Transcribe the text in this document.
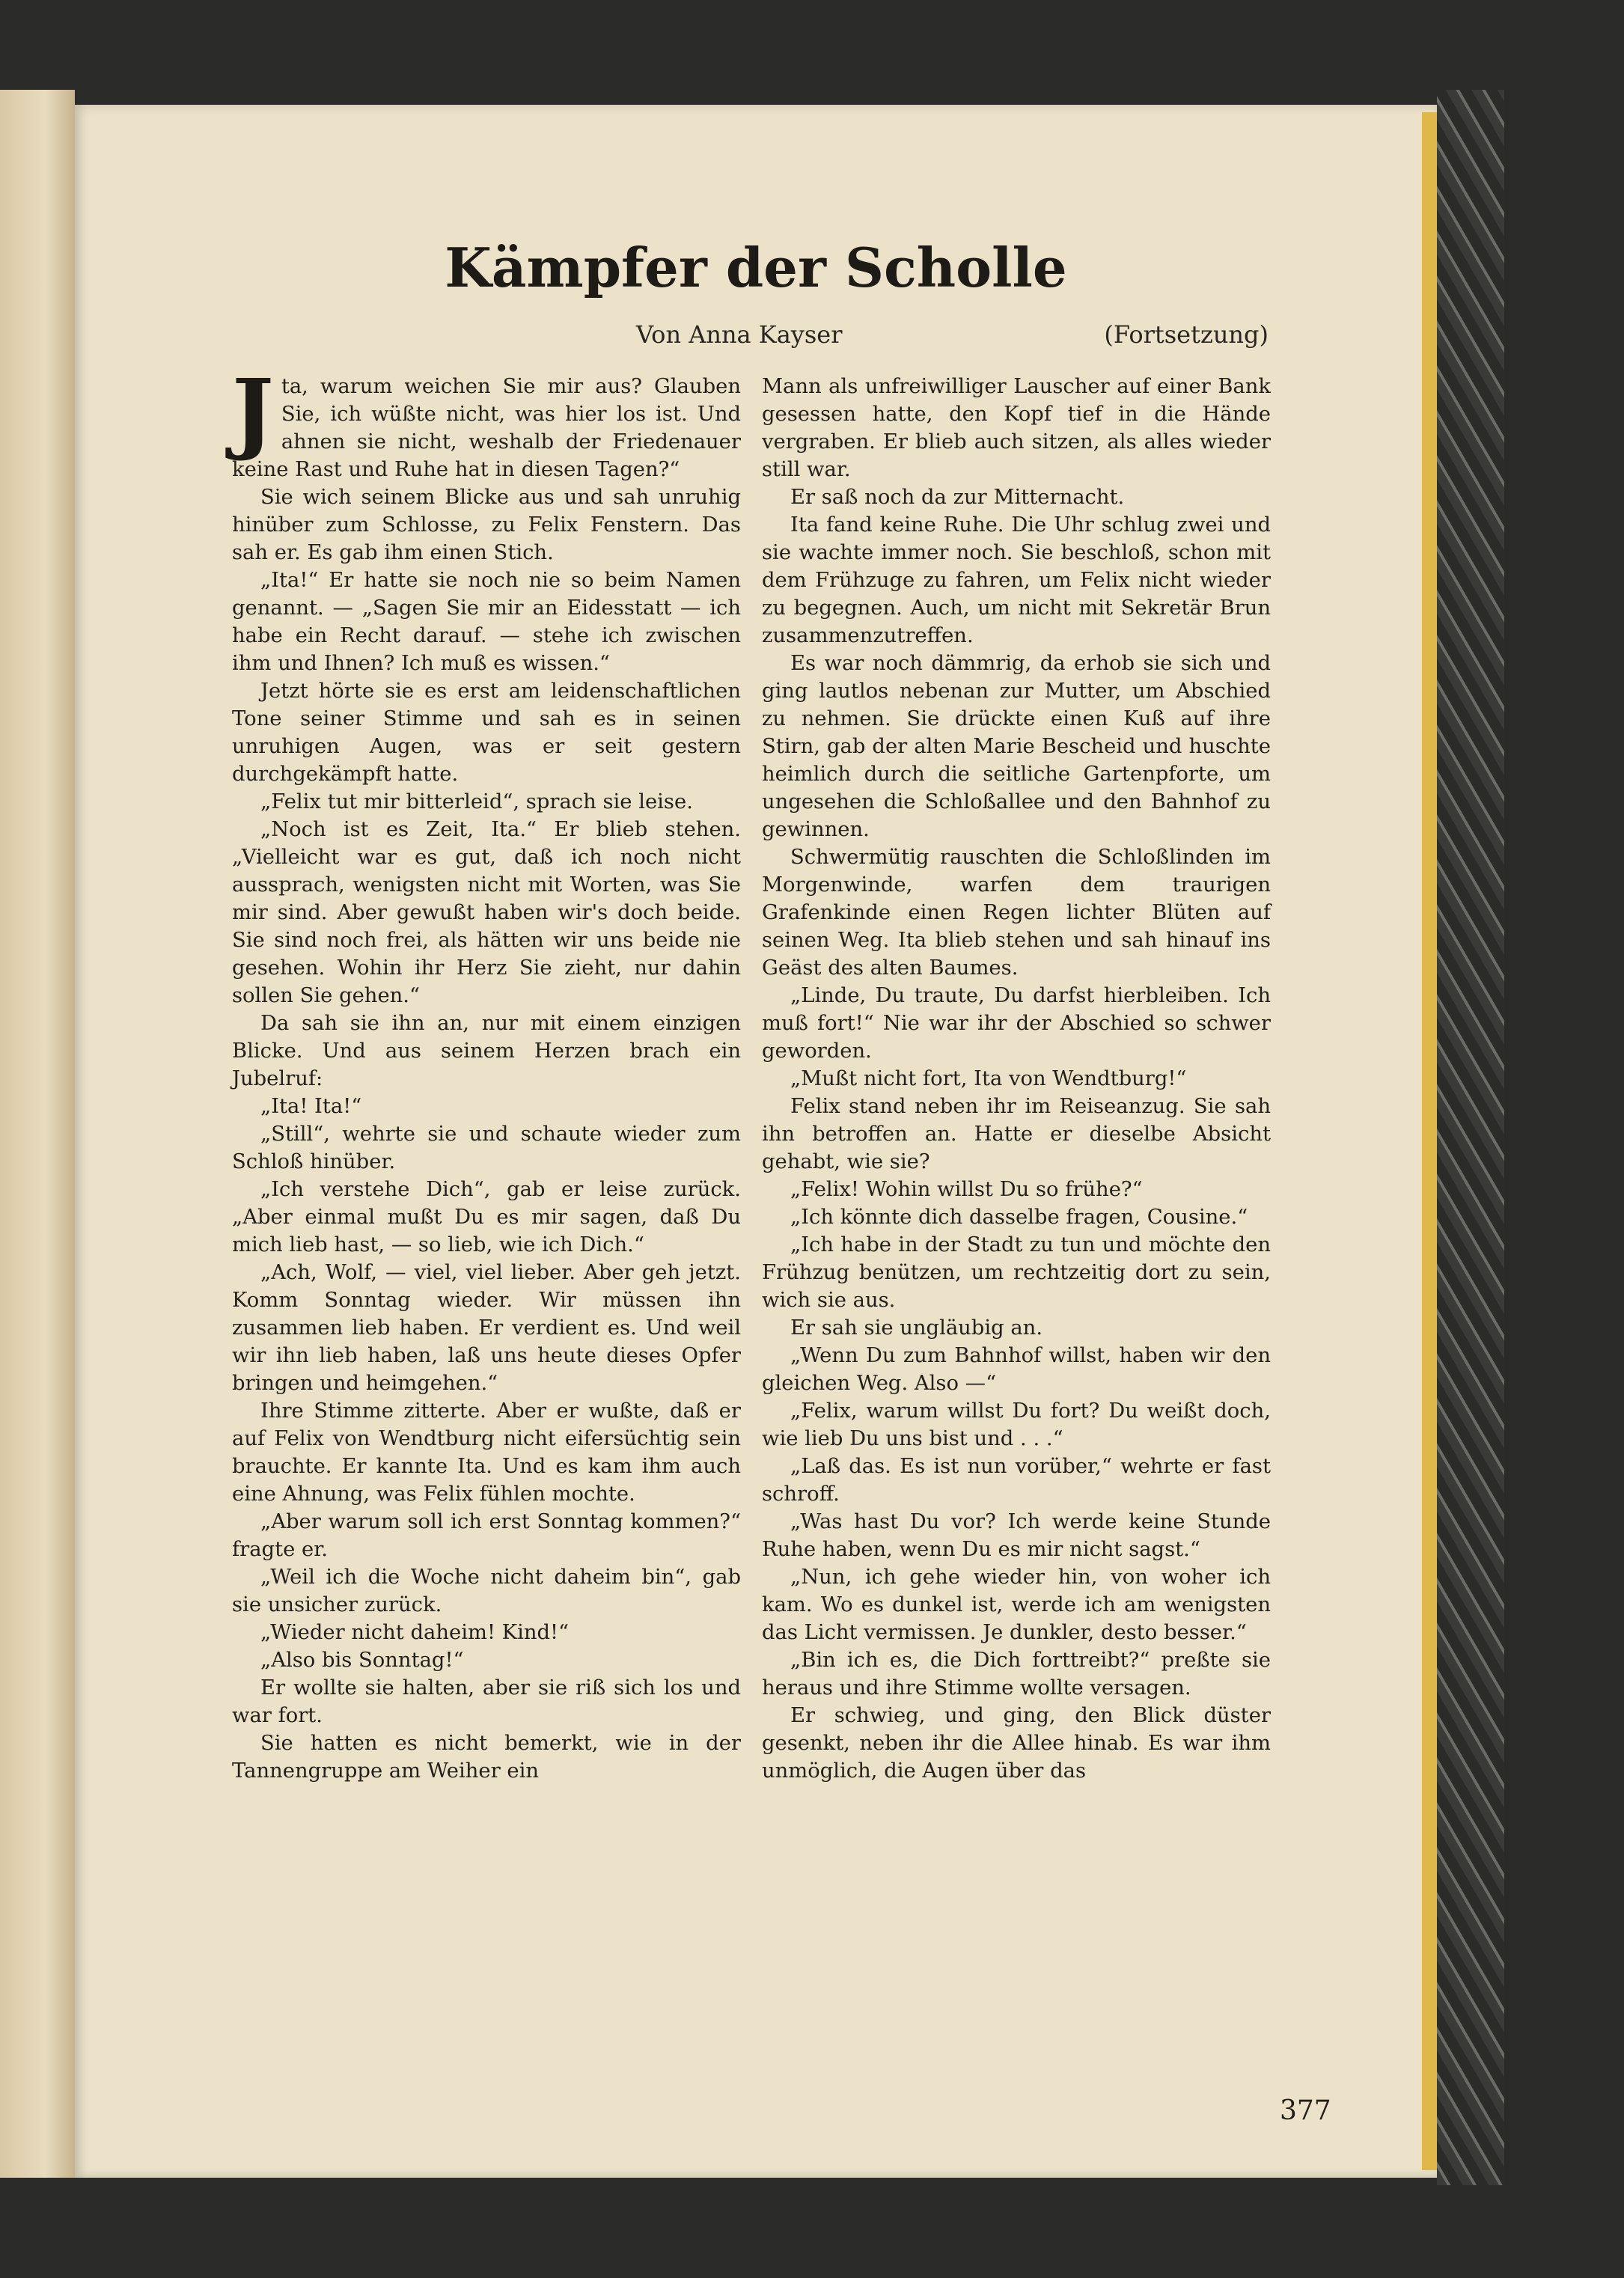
Kämpfer der Scholle
Von Anna Kayser	(Fortsetzung)

Jta, warum weichen Sie mir aus? Glauben Sie, ich wüßte nicht, was hier los ist. Und ahnen sie nicht, weshalb der Friedenauer keine Rast und Ruhe hat in diesen Tagen?“

Sie wich seinem Blicke aus und sah unruhig hinüber zum Schlosse, zu Felix Fenstern. Das sah er. Es gab ihm einen Stich.

„Ita!“ Er hatte sie noch nie so beim Namen genannt. — „Sagen Sie mir an Eidesstatt — ich habe ein Recht darauf. — stehe ich zwischen ihm und Ihnen? Ich muß es wissen.“

Jetzt hörte sie es erst am leidenschaftlichen Tone seiner Stimme und sah es in seinen unruhigen Augen, was er seit gestern durchgekämpft hatte.

„Felix tut mir bitterleid“, sprach sie leise.

„Noch ist es Zeit, Ita.“ Er blieb stehen. „Vielleicht war es gut, daß ich noch nicht aussprach, wenigsten nicht mit Worten, was Sie mir sind. Aber gewußt haben wir's doch beide. Sie sind noch frei, als hätten wir uns beide nie gesehen. Wohin ihr Herz Sie zieht, nur dahin sollen Sie gehen.“

Da sah sie ihn an, nur mit einem einzigen Blicke. Und aus seinem Herzen brach ein Jubelruf:

„Ita! Ita!“

„Still“, wehrte sie und schaute wieder zum Schloß hinüber.

„Ich verstehe Dich“, gab er leise zurück. „Aber einmal mußt Du es mir sagen, daß Du mich lieb hast, — so lieb, wie ich Dich.“

„Ach, Wolf, — viel, viel lieber. Aber geh jetzt. Komm Sonntag wieder. Wir müssen ihn zusammen lieb haben. Er verdient es. Und weil wir ihn lieb haben, laß uns heute dieses Opfer bringen und heimgehen.“

Ihre Stimme zitterte. Aber er wußte, daß er auf Felix von Wendtburg nicht eifersüchtig sein brauchte. Er kannte Ita. Und es kam ihm auch eine Ahnung, was Felix fühlen mochte.

„Aber warum soll ich erst Sonntag kommen?“ fragte er.

„Weil ich die Woche nicht daheim bin“, gab sie unsicher zurück.

„Wieder nicht daheim! Kind!“

„Also bis Sonntag!“

Er wollte sie halten, aber sie riß sich los und war fort.

Sie hatten es nicht bemerkt, wie in der Tannengruppe am Weiher ein

Mann als unfreiwilliger Lauscher auf einer Bank gesessen hatte, den Kopf tief in die Hände vergraben. Er blieb auch sitzen, als alles wieder still war.

Er saß noch da zur Mitternacht.

Ita fand keine Ruhe. Die Uhr schlug zwei und sie wachte immer noch. Sie beschloß, schon mit dem Frühzuge zu fahren, um Felix nicht wieder zu begegnen. Auch, um nicht mit Sekretär Brun zusammenzutreffen.

Es war noch dämmrig, da erhob sie sich und ging lautlos nebenan zur Mutter, um Abschied zu nehmen. Sie drückte einen Kuß auf ihre Stirn, gab der alten Marie Bescheid und huschte heimlich durch die seitliche Gartenpforte, um ungesehen die Schloßallee und den Bahnhof zu gewinnen.

Schwermütig rauschten die Schloßlinden im Morgenwinde, warfen dem traurigen Grafenkinde einen Regen lichter Blüten auf seinen Weg. Ita blieb stehen und sah hinauf ins Geäst des alten Baumes.

„Linde, Du traute, Du darfst hierbleiben. Ich muß fort!“ Nie war ihr der Abschied so schwer geworden.

„Mußt nicht fort, Ita von Wendtburg!“

Felix stand neben ihr im Reiseanzug. Sie sah ihn betroffen an. Hatte er dieselbe Absicht gehabt, wie sie?

„Felix! Wohin willst Du so frühe?“

„Ich könnte dich dasselbe fragen, Cousine.“

„Ich habe in der Stadt zu tun und möchte den Frühzug benützen, um rechtzeitig dort zu sein, wich sie aus.

Er sah sie ungläubig an.

„Wenn Du zum Bahnhof willst, haben wir den gleichen Weg. Also —“

„Felix, warum willst Du fort? Du weißt doch, wie lieb Du uns bist und . . .“

„Laß das. Es ist nun vorüber,“ wehrte er fast schroff.

„Was hast Du vor? Ich werde keine Stunde Ruhe haben, wenn Du es mir nicht sagst.“

„Nun, ich gehe wieder hin, von woher ich kam. Wo es dunkel ist, werde ich am wenigsten das Licht vermissen. Je dunkler, desto besser.“

„Bin ich es, die Dich forttreibt?“ preßte sie heraus und ihre Stimme wollte versagen.

Er schwieg, und ging, den Blick düster gesenkt, neben ihr die Allee hinab. Es war ihm unmöglich, die Augen über das

377
